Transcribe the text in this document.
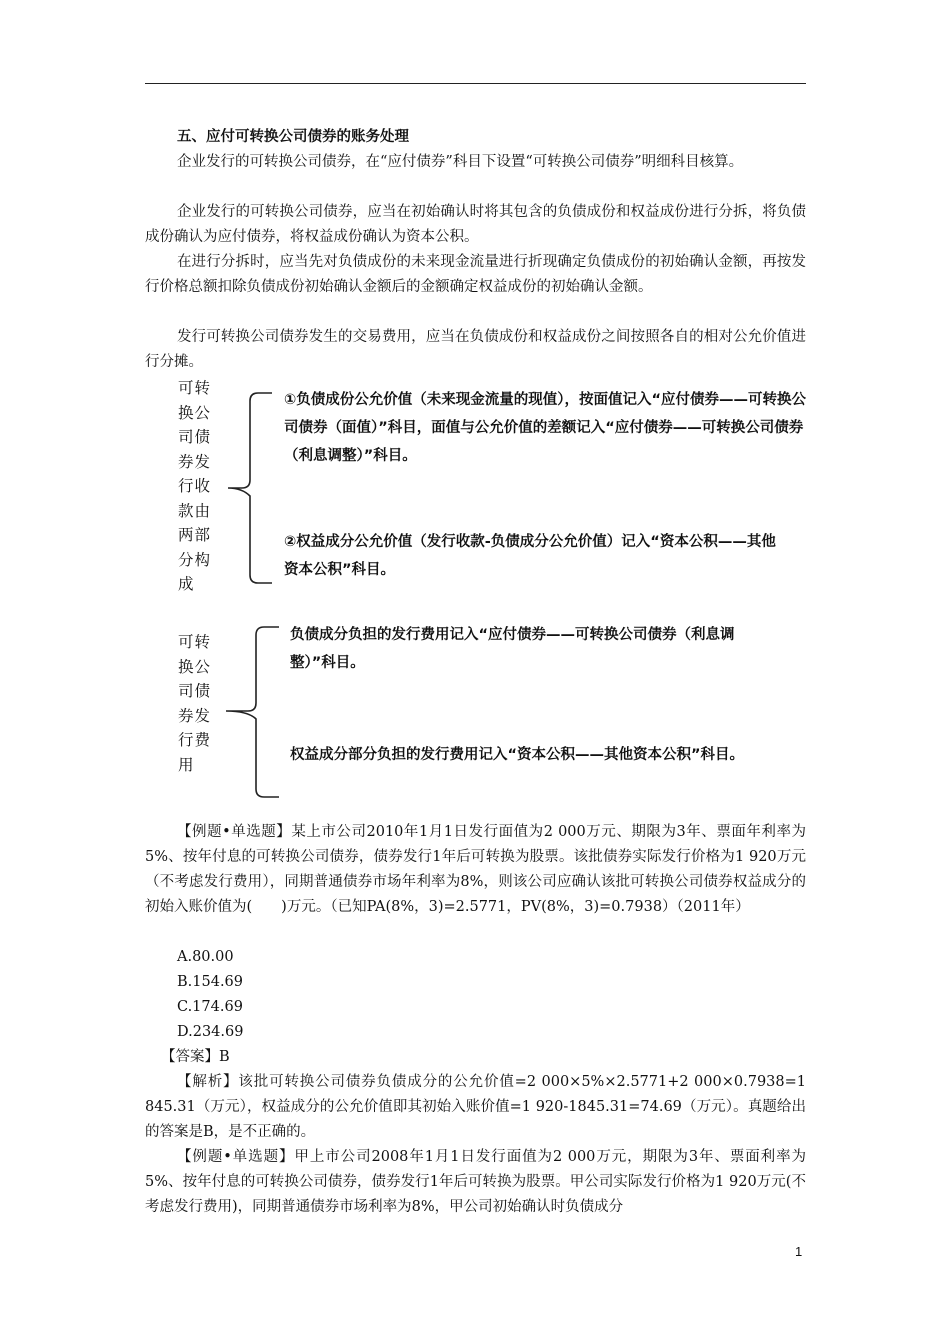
五、应付可转换公司债券的账务处理

企业发行的可转换公司债券，在“应付债券”科目下设置“可转换公司债券”明细科目核算。

企业发行的可转换公司债券，应当在初始确认时将其包含的负债成份和权益成份进行分拆，将负债成份确认为应付债券，将权益成份确认为资本公积。

在进行分拆时，应当先对负债成份的未来现金流量进行折现确定负债成份的初始确认金额，再按发行价格总额扣除负债成份初始确认金额后的金额确定权益成份的初始确认金额。

发行可转换公司债券发生的交易费用，应当在负债成份和权益成份之间按照各自的相对公允价值进行分摊。

可转换公司债券发行收款由两部分构成
①负债成份公允价值（未来现金流量的现值），按面值记入“应付债券——可转换公司债券（面值）”科目，面值与公允价值的差额记入“应付债券——可转换公司债券（利息调整）”科目。
②权益成分公允价值（发行收款-负债成分公允价值）记入“资本公积——其他资本公积”科目。
可转换公司债券发行费用
负债成分负担的发行费用记入“应付债券——可转换公司债券（利息调整）”科目。
权益成分部分负担的发行费用记入“资本公积——其他资本公积”科目。

【例题•单选题】某上市公司2010年1月1日发行面值为2 000万元、期限为3年、票面年利率为5%、按年付息的可转换公司债券，债券发行1年后可转换为股票。该批债券实际发行价格为1 920万元（不考虑发行费用），同期普通债券市场年利率为8%，则该公司应确认该批可转换公司债券权益成分的初始入账价值为(　　)万元。（已知PA(8%，3)=2.5771，PV(8%，3)=0.7938）（2011年）

A.80.00

B.154.69

C.174.69

D.234.69

【答案】B

【解析】该批可转换公司债券负债成分的公允价值=2 000×5%×2.5771+2 000×0.7938=1 845.31（万元），权益成分的公允价值即其初始入账价值=1 920-1845.31=74.69（万元）。真题给出的答案是B，是不正确的。

【例题•单选题】甲上市公司2008年1月1日发行面值为2 000万元，期限为3年、票面利率为5%、按年付息的可转换公司债券，债券发行1年后可转换为股票。甲公司实际发行价格为1 920万元(不考虑发行费用)，同期普通债券市场利率为8%，甲公司初始确认时负债成分

1
